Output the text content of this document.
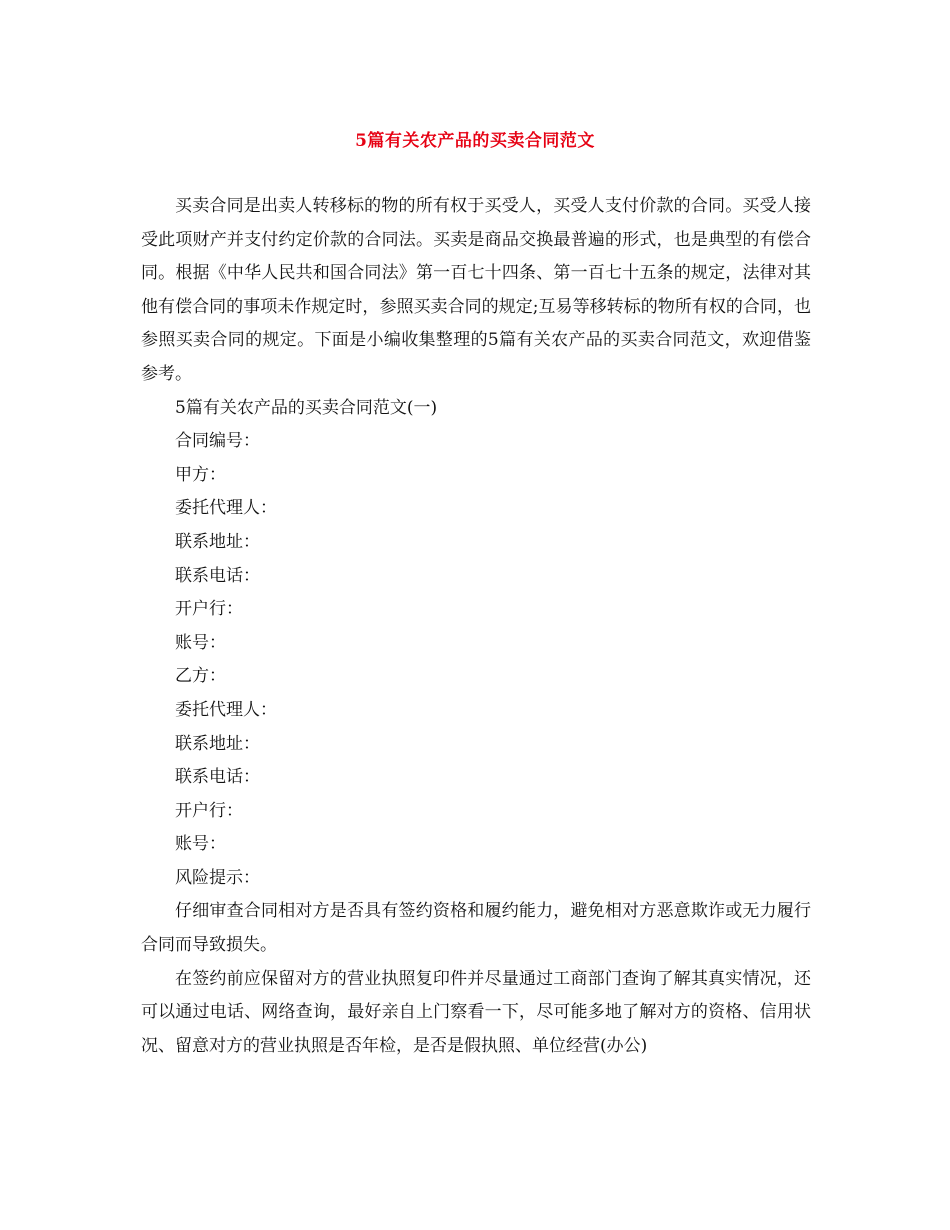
5篇有关农产品的买卖合同范文

买卖合同是出卖人转移标的物的所有权于买受人，买受人支付价款的合同。买受人接受此项财产并支付约定价款的合同法。买卖是商品交换最普遍的形式，也是典型的有偿合同。根据《中华人民共和国合同法》第一百七十四条、第一百七十五条的规定，法律对其他有偿合同的事项未作规定时，参照买卖合同的规定;互易等移转标的物所有权的合同，也参照买卖合同的规定。下面是小编收集整理的5篇有关农产品的买卖合同范文，欢迎借鉴参考。

5篇有关农产品的买卖合同范文(一)

合同编号：

甲方：

委托代理人：

联系地址：

联系电话：

开户行：

账号：

乙方：

委托代理人：

联系地址：

联系电话：

开户行：

账号：

风险提示：

仔细审查合同相对方是否具有签约资格和履约能力，避免相对方恶意欺诈或无力履行合同而导致损失。

在签约前应保留对方的营业执照复印件并尽量通过工商部门查询了解其真实情况，还可以通过电话、网络查询，最好亲自上门察看一下，尽可能多地了解对方的资格、信用状况、留意对方的营业执照是否年检，是否是假执照、单位经营(办公)
